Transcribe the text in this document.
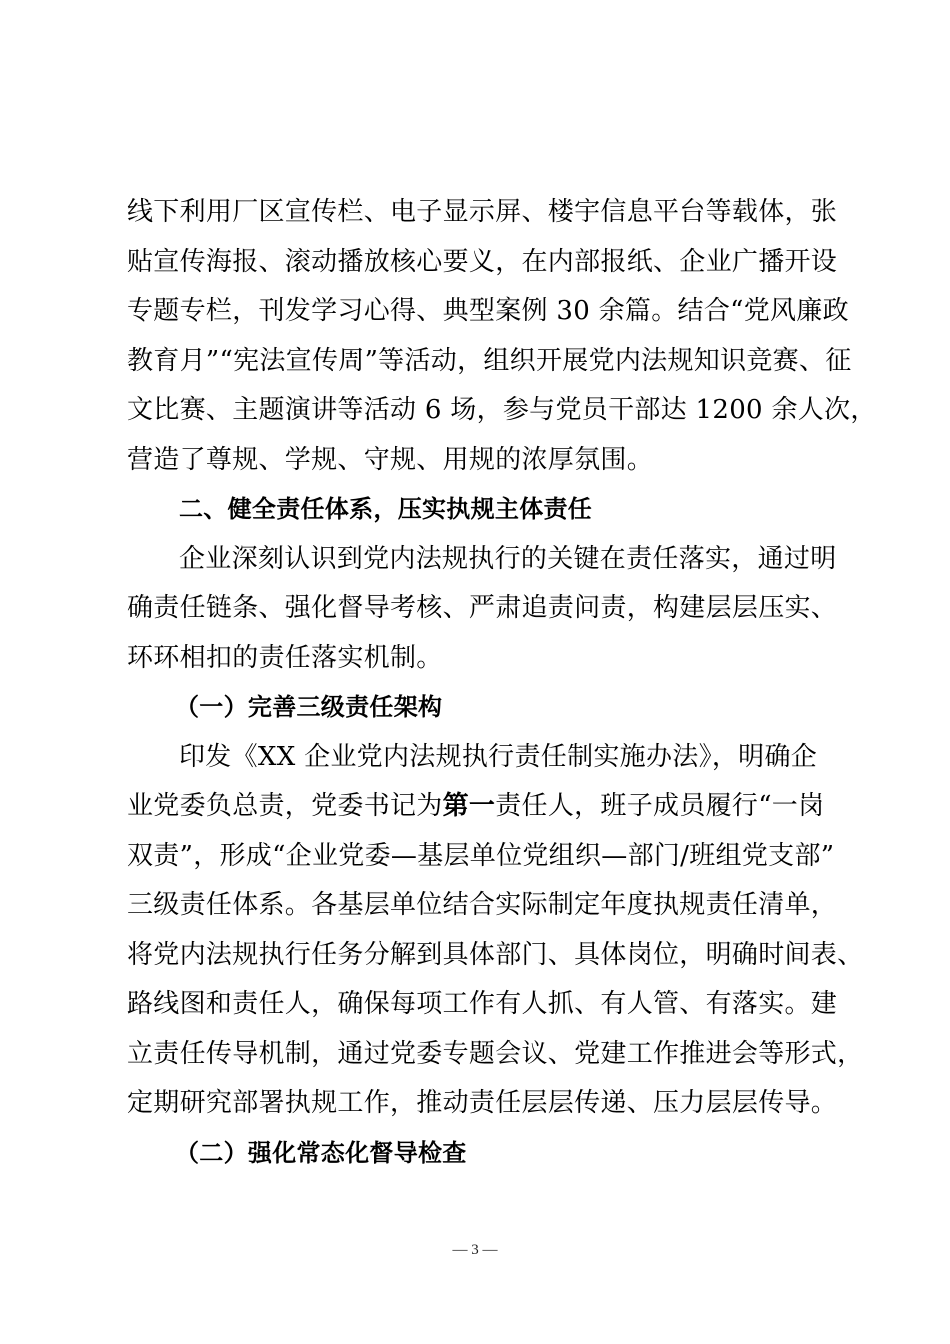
线下利用厂区宣传栏、电子显示屏、楼宇信息平台等载体，张
贴宣传海报、滚动播放核心要义，在内部报纸、企业广播开设
专题专栏，刊发学习心得、典型案例 30 余篇。结合“党风廉政
教育月”“宪法宣传周”等活动，组织开展党内法规知识竞赛、征
文比赛、主题演讲等活动 6 场，参与党员干部达 1200 余人次，
营造了尊规、学规、守规、用规的浓厚氛围。
二、健全责任体系，压实执规主体责任
企业深刻认识到党内法规执行的关键在责任落实，通过明
确责任链条、强化督导考核、严肃追责问责，构建层层压实、
环环相扣的责任落实机制。
（一）完善三级责任架构
印发《XX 企业党内法规执行责任制实施办法》，明确企
业党委负总责，党委书记为第一责任人，班子成员履行“一岗
双责”，形成“企业党委—基层单位党组织—部门/班组党支部”
三级责任体系。各基层单位结合实际制定年度执规责任清单，
将党内法规执行任务分解到具体部门、具体岗位，明确时间表、
路线图和责任人，确保每项工作有人抓、有人管、有落实。建
立责任传导机制，通过党委专题会议、党建工作推进会等形式，
定期研究部署执规工作，推动责任层层传递、压力层层传导。
（二）强化常态化督导检查
— 3 —
